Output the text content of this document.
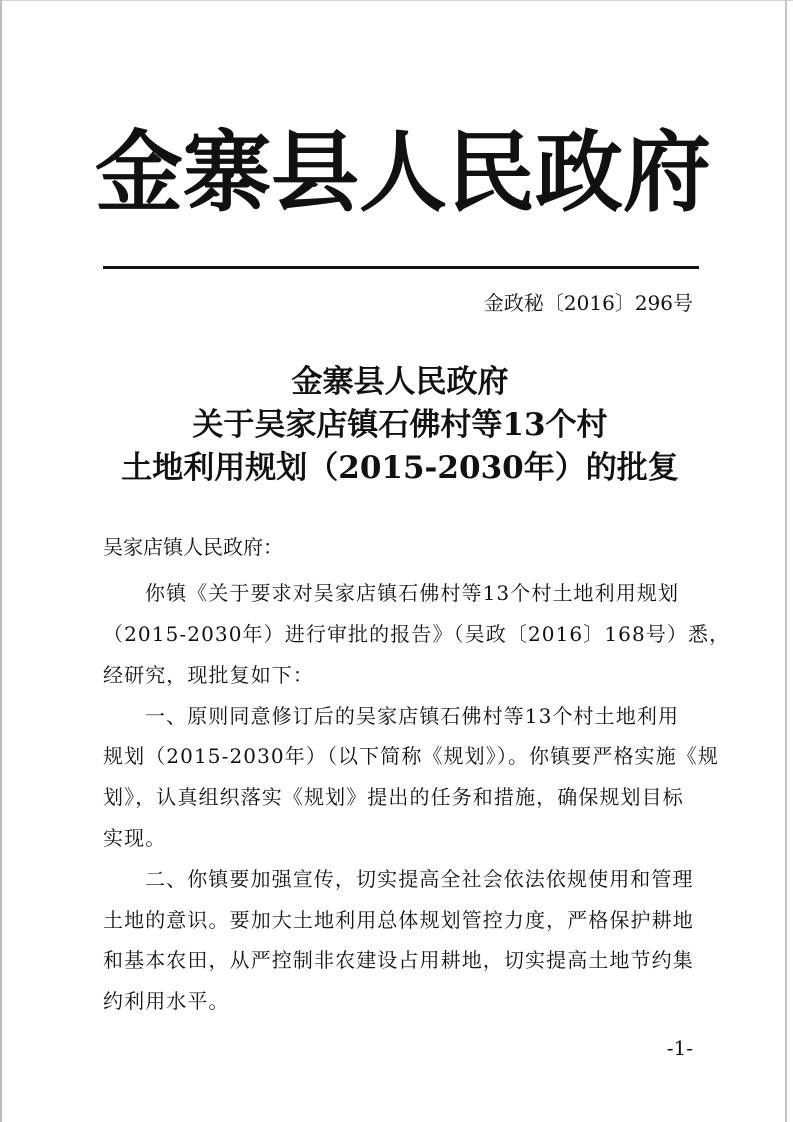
金寨县人民政府
金政秘〔2016〕296号
金寨县人民政府
关于吴家店镇石佛村等13个村
土地利用规划（2015-2030年）的批复
吴家店镇人民政府：
你镇《关于要求对吴家店镇石佛村等13个村土地利用规划
（2015-2030年）进行审批的报告》（吴政〔2016〕168号）悉，
经研究，现批复如下：
一、原则同意修订后的吴家店镇石佛村等13个村土地利用
规划（2015-2030年）（以下简称《规划》）。你镇要严格实施《规
划》，认真组织落实《规划》提出的任务和措施，确保规划目标
实现。
二、你镇要加强宣传，切实提高全社会依法依规使用和管理
土地的意识。要加大土地利用总体规划管控力度，严格保护耕地
和基本农田，从严控制非农建设占用耕地，切实提高土地节约集
约利用水平。
-1-
